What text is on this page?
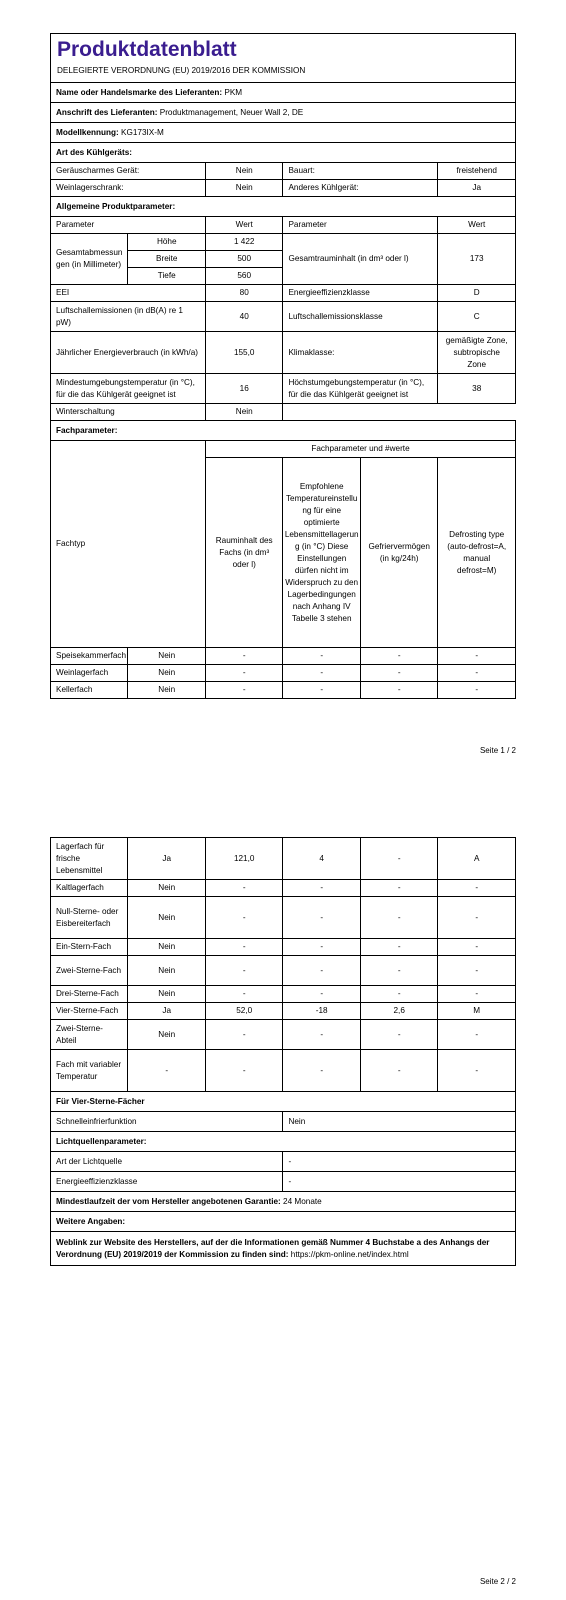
Produktdatenblatt					
DELEGIERTE VERORDNUNG (EU) 2019/2016 DER KOMMISSION					
Name oder Handelsmarke des Lieferanten: PKM					
Anschrift des Lieferanten: Produktmanagement, Neuer Wall 2, DE					
Modellkennung: KG173IX-M					
Art des Kühlgeräts:					
Geräuscharmes Gerät:		Nein	Bauart:		freistehend
Weinlagerschrank:		Nein	Anderes Kühlgerät:		Ja
Allgemeine Produktparameter:					
Parameter		Wert	Parameter		Wert
Gesamtabmessungen (in Millimeter)	Höhe	1 422	Gesamtrauminhalt (in dm³ oder l)		173
	Breite	500			
	Tiefe	560			
EEI		80	Energieeffizienzklasse		D
Luftschallemissionen (in dB(A) re 1 pW)		40	Luftschallemissionsklasse		C
Jährlicher Energieverbrauch (in kWh/a)		155,0	Klimaklasse:		gemäßigte Zone, subtropische Zone
Mindestumgebungstemperatur (in °C), für die das Kühlgerät geeignet ist		16	Höchstumgebungstemperatur (in °C), für die das Kühlgerät geeignet ist		38
Winterschaltung		Nein			
Fachparameter:					
Fachtyp		Fachparameter und #werte			
		Rauminhalt des Fachs (in dm³ oder l)	Empfohlene Temperatureinstellung für eine optimierte Lebensmittellagerung (in °C) Diese Einstellungen dürfen nicht im Widerspruch zu den Lagerbedingungen nach Anhang IV Tabelle 3 stehen	Gefriervermögen (in kg/24h)	Defrosting type (auto-defrost=A, manual defrost=M)
Speisekammerfach	Nein	-	-	-	-
Weinlagerfach	Nein	-	-	-	-
Kellerfach	Nein	-	-	-	-
Seite 1 / 2
Lagerfach für frische Lebensmittel	Ja	121,0	4	-	A
Kaltlagerfach	Nein	-	-	-	-
Null-Sterne- oder Eisbereiterfach	Nein	-	-	-	-
Ein-Stern-Fach	Nein	-	-	-	-
Zwei-Sterne-Fach	Nein	-	-	-	-
Drei-Sterne-Fach	Nein	-	-	-	-
Vier-Sterne-Fach	Ja	52,0	-18	2,6	M
Zwei-Sterne-Abteil	Nein	-	-	-	-
Fach mit variabler Temperatur	-	-	-	-	-
Für Vier-Sterne-Fächer					
Schnelleinfrierfunktion			Nein		
Lichtquellenparameter:					
Art der Lichtquelle			-		
Energieeffizienzklasse			-		
Mindestlaufzeit der vom Hersteller angebotenen Garantie: 24 Monate					
Weitere Angaben:					
Weblink zur Website des Herstellers, auf der die Informationen gemäß Nummer 4 Buchstabe a des Anhangs der Verordnung (EU) 2019/2019 der Kommission zu finden sind: https://pkm-online.net/index.html					
Seite 2 / 2
